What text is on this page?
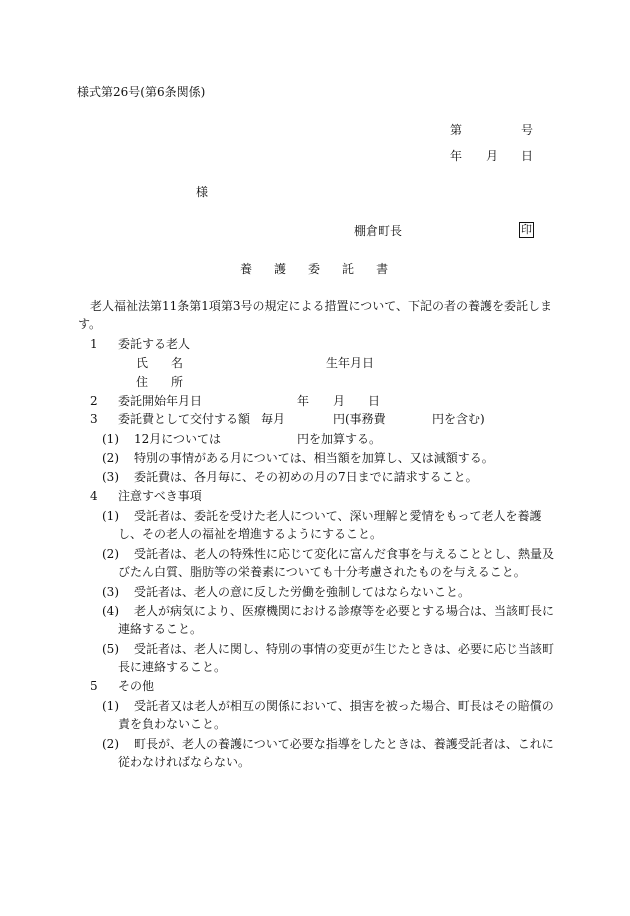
様式第26号(第6条関係)
第	号
年 月 日
様
棚倉町長	印
養 護 委 託 書
老人福祉法第11条第1項第3号の規定による措置について、下記の者の養護を委託しま
す。
1 委託する老人
氏 名	生年月日
住 所
2 委託開始年月日	年 月 日
3 委託費として交付する額 毎月	円(事務費	円を含む)
(1) 12月については	円を加算する。
(2) 特別の事情がある月については、相当額を加算し、又は減額する。
(3) 委託費は、各月毎に、その初めの月の7日までに請求すること。
4 注意すべき事項
(1) 受託者は、委託を受けた老人について、深い理解と愛情をもって老人を養護
し、その老人の福祉を増進するようにすること。
(2) 受託者は、老人の特殊性に応じて変化に富んだ食事を与えることとし、熱量及
びたん白質、脂肪等の栄養素についても十分考慮されたものを与えること。
(3) 受託者は、老人の意に反した労働を強制してはならないこと。
(4) 老人が病気により、医療機関における診療等を必要とする場合は、当該町長に
連絡すること。
(5) 受託者は、老人に関し、特別の事情の変更が生じたときは、必要に応じ当該町
長に連絡すること。
5 その他
(1) 受託者又は老人が相互の関係において、損害を被った場合、町長はその賠償の
責を負わないこと。
(2) 町長が、老人の養護について必要な指導をしたときは、養護受託者は、これに
従わなければならない。
